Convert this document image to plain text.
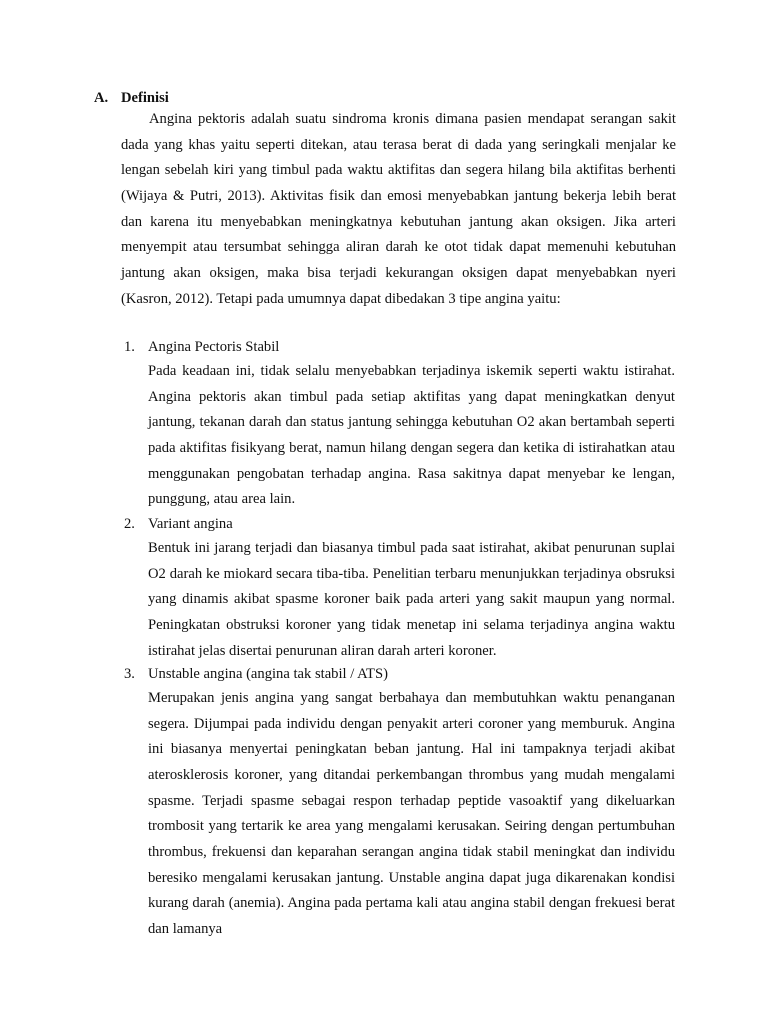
A. Definisi

Angina pektoris adalah suatu sindroma kronis dimana pasien mendapat serangan sakit dada yang khas yaitu seperti ditekan, atau terasa berat di dada yang seringkali menjalar ke lengan sebelah kiri yang timbul pada waktu aktifitas dan segera hilang bila aktifitas berhenti (Wijaya & Putri, 2013). Aktivitas fisik dan emosi menyebabkan jantung bekerja lebih berat dan karena itu menyebabkan meningkatnya kebutuhan jantung akan oksigen. Jika arteri menyempit atau tersumbat sehingga aliran darah ke otot tidak dapat memenuhi kebutuhan jantung akan oksigen, maka bisa terjadi kekurangan oksigen dapat menyebabkan nyeri (Kasron, 2012). Tetapi pada umumnya dapat dibedakan 3 tipe angina yaitu:

1. Angina Pectoris Stabil

Pada keadaan ini, tidak selalu menyebabkan terjadinya iskemik seperti waktu istirahat. Angina pektoris akan timbul pada setiap aktifitas yang dapat meningkatkan denyut jantung, tekanan darah dan status jantung sehingga kebutuhan O2 akan bertambah seperti pada aktifitas fisikyang berat, namun hilang dengan segera dan ketika di istirahatkan atau menggunakan pengobatan terhadap angina. Rasa sakitnya dapat menyebar ke lengan, punggung, atau area lain.

2. Variant angina

Bentuk ini jarang terjadi dan biasanya timbul pada saat istirahat, akibat penurunan suplai O2 darah ke miokard secara tiba-tiba. Penelitian terbaru menunjukkan terjadinya obsruksi yang dinamis akibat spasme koroner baik pada arteri yang sakit maupun yang normal. Peningkatan obstruksi koroner yang tidak menetap ini selama terjadinya angina waktu istirahat jelas disertai penurunan aliran darah arteri koroner.

3. Unstable angina (angina tak stabil / ATS)

Merupakan jenis angina yang sangat berbahaya dan membutuhkan waktu penanganan segera. Dijumpai pada individu dengan penyakit arteri coroner yang memburuk. Angina ini biasanya menyertai peningkatan beban jantung. Hal ini tampaknya terjadi akibat aterosklerosis koroner, yang ditandai perkembangan thrombus yang mudah mengalami spasme. Terjadi spasme sebagai respon terhadap peptide vasoaktif yang dikeluarkan trombosit yang tertarik ke area yang mengalami kerusakan. Seiring dengan pertumbuhan thrombus, frekuensi dan keparahan serangan angina tidak stabil meningkat dan individu beresiko mengalami kerusakan jantung. Unstable angina dapat juga dikarenakan kondisi kurang darah (anemia). Angina pada pertama kali atau angina stabil dengan frekuesi berat dan lamanya
